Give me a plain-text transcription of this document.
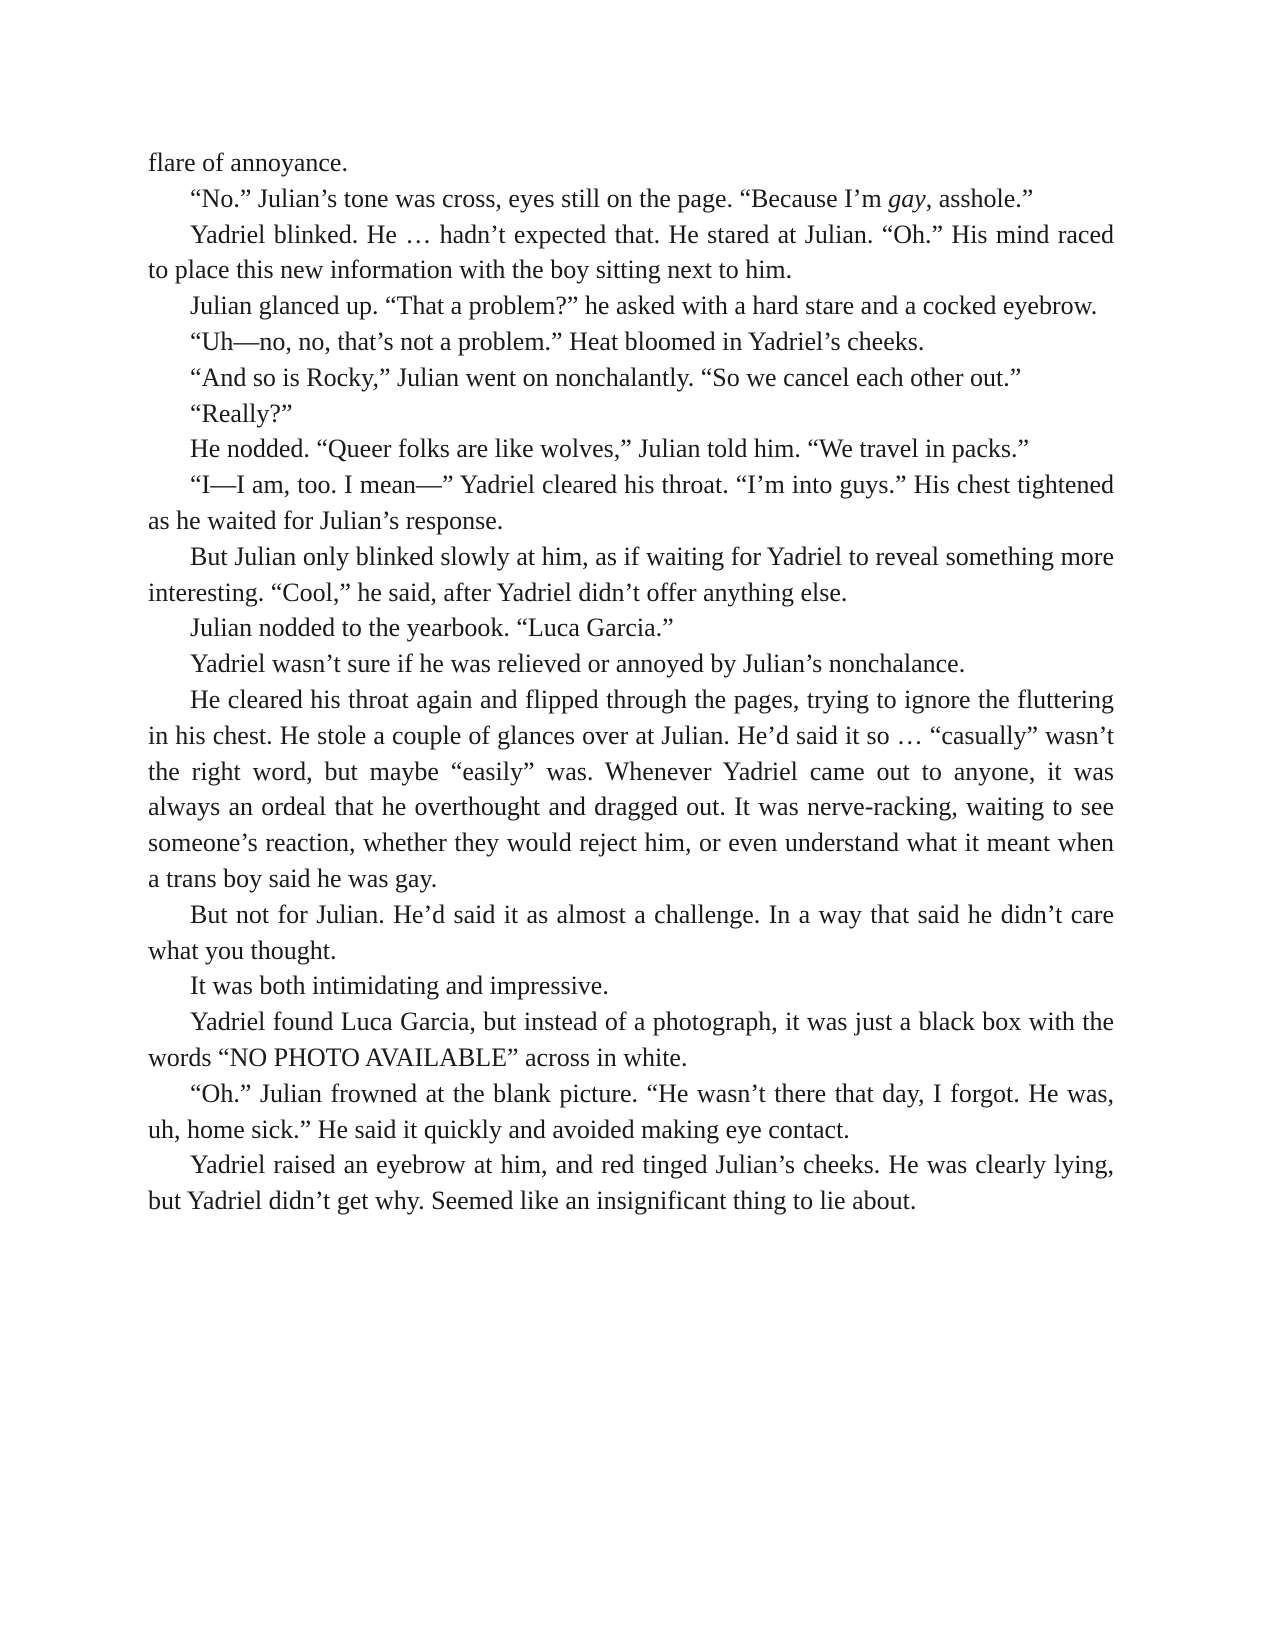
flare of annoyance.

“No.” Julian’s tone was cross, eyes still on the page. “Because I’m gay, asshole.”

Yadriel blinked. He … hadn’t expected that. He stared at Julian. “Oh.” His mind raced to place this new information with the boy sitting next to him.

Julian glanced up. “That a problem?” he asked with a hard stare and a cocked eyebrow.

“Uh—no, no, that’s not a problem.” Heat bloomed in Yadriel’s cheeks.

“And so is Rocky,” Julian went on nonchalantly. “So we cancel each other out.”

“Really?”

He nodded. “Queer folks are like wolves,” Julian told him. “We travel in packs.”

“I—I am, too. I mean—” Yadriel cleared his throat. “I’m into guys.” His chest tightened as he waited for Julian’s response.

But Julian only blinked slowly at him, as if waiting for Yadriel to reveal something more interesting. “Cool,” he said, after Yadriel didn’t offer anything else.

Julian nodded to the yearbook. “Luca Garcia.”

Yadriel wasn’t sure if he was relieved or annoyed by Julian’s nonchalance.

He cleared his throat again and flipped through the pages, trying to ignore the fluttering in his chest. He stole a couple of glances over at Julian. He’d said it so … “casually” wasn’t the right word, but maybe “easily” was. Whenever Yadriel came out to anyone, it was always an ordeal that he overthought and dragged out. It was nerve-racking, waiting to see someone’s reaction, whether they would reject him, or even understand what it meant when a trans boy said he was gay.

But not for Julian. He’d said it as almost a challenge. In a way that said he didn’t care what you thought.

It was both intimidating and impressive.

Yadriel found Luca Garcia, but instead of a photograph, it was just a black box with the words “NO PHOTO AVAILABLE” across in white.

“Oh.” Julian frowned at the blank picture. “He wasn’t there that day, I forgot. He was, uh, home sick.” He said it quickly and avoided making eye contact.

Yadriel raised an eyebrow at him, and red tinged Julian’s cheeks. He was clearly lying, but Yadriel didn’t get why. Seemed like an insignificant thing to lie about.
